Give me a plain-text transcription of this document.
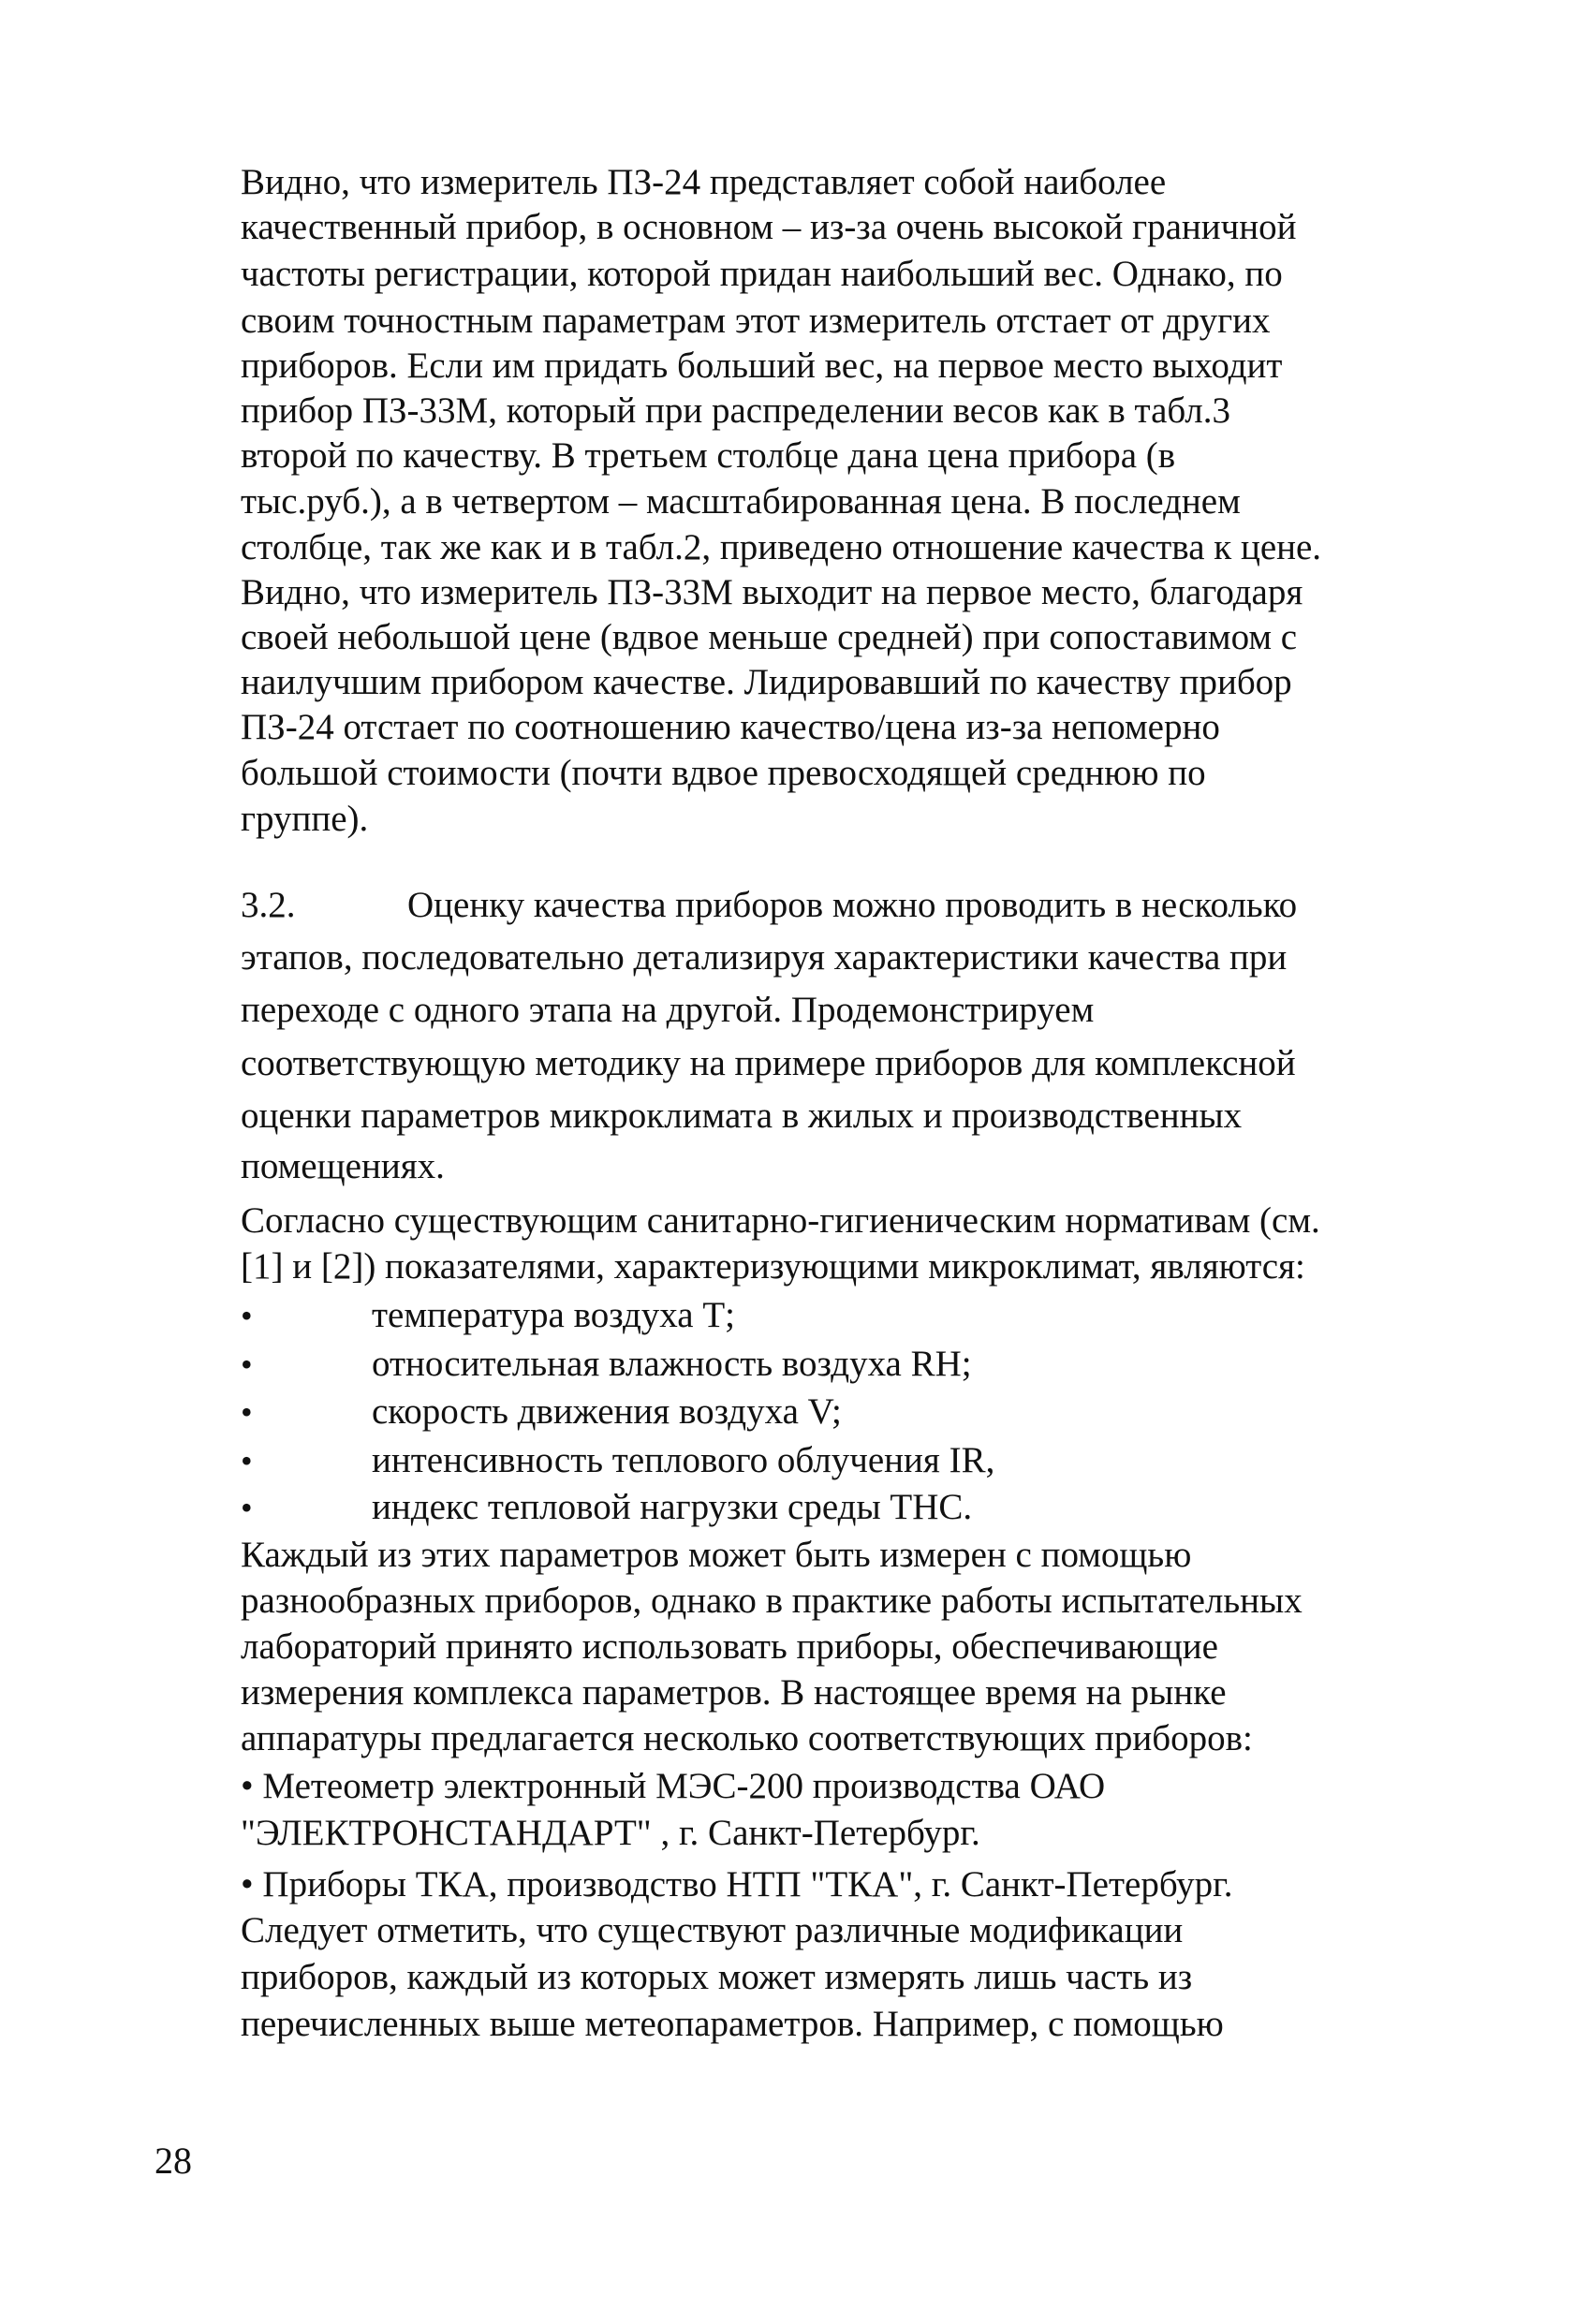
Видно, что измеритель ПЗ-24 представляет собой наиболее
качественный прибор, в основном – из-за очень высокой граничной
частоты регистрации, которой придан наибольший вес. Однако, по
своим точностным параметрам этот измеритель отстает от других
приборов. Если им придать больший вес, на первое место выходит
прибор ПЗ-33М, который при распределении весов как в табл.3
второй по качеству. В третьем столбце дана цена прибора (в
тыс.руб.), а в четвертом – масштабированная цена. В последнем
столбце, так же как и в табл.2, приведено отношение качества к цене.
Видно, что измеритель ПЗ-33М выходит на первое место, благодаря
своей небольшой цене (вдвое меньше средней) при сопоставимом с
наилучшим прибором качестве. Лидировавший по качеству прибор
ПЗ-24 отстает по соотношению качество/цена из-за непомерно
большой стоимости (почти вдвое превосходящей среднюю по
группе).
3.2.	Оценку качества приборов можно проводить в несколько
этапов, последовательно детализируя характеристики качества при
переходе с одного этапа на другой. Продемонстрируем
соответствующую методику на примере приборов для комплексной
оценки параметров микроклимата в жилых и производственных
помещениях.
Согласно существующим санитарно-гигиеническим нормативам (см.
[1] и [2]) показателями, характеризующими микроклимат, являются:
•	температура воздуха Т;
•	относительная влажность воздуха RH;
•	скорость движения воздуха V;
•	интенсивность теплового облучения IR,
•	индекс тепловой нагрузки среды ТНС.
Каждый из этих параметров может быть измерен с помощью
разнообразных приборов, однако в практике работы испытательных
лабораторий принято использовать приборы, обеспечивающие
измерения комплекса параметров. В настоящее время на рынке
аппаратуры предлагается несколько соответствующих приборов:
• Метеометр электронный МЭС-200 производства ОАО
"ЭЛЕКТРОНСТАНДАРТ" , г. Санкт-Петербург.
• Приборы ТКА, производство НТП "ТКА", г. Санкт-Петербург.
Следует отметить, что существуют различные модификации
приборов, каждый из которых может измерять лишь часть из
перечисленных выше метеопараметров. Например, с помощью
28
